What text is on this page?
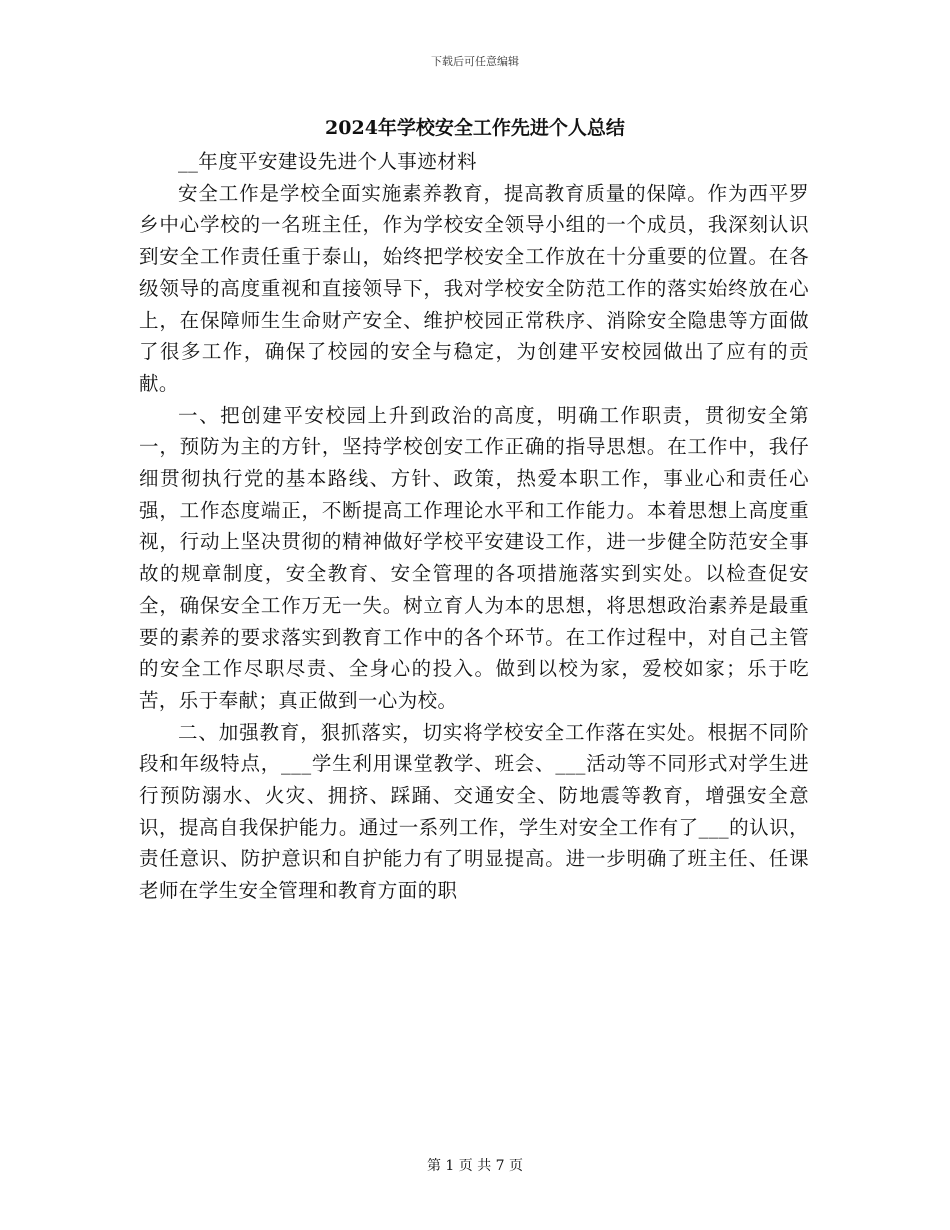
下载后可任意编辑
2024年学校安全工作先进个人总结

__年度平安建设先进个人事迹材料

安全工作是学校全面实施素养教育，提高教育质量的保障。作为西平罗乡中心学校的一名班主任，作为学校安全领导小组的一个成员，我深刻认识到安全工作责任重于泰山，始终把学校安全工作放在十分重要的位置。在各级领导的高度重视和直接领导下，我对学校安全防范工作的落实始终放在心上，在保障师生生命财产安全、维护校园正常秩序、消除安全隐患等方面做了很多工作，确保了校园的安全与稳定，为创建平安校园做出了应有的贡献。

一、把创建平安校园上升到政治的高度，明确工作职责，贯彻安全第一，预防为主的方针，坚持学校创安工作正确的指导思想。在工作中，我仔细贯彻执行党的基本路线、方针、政策，热爱本职工作，事业心和责任心强，工作态度端正，不断提高工作理论水平和工作能力。本着思想上高度重视，行动上坚决贯彻的精神做好学校平安建设工作，进一步健全防范安全事故的规章制度，安全教育、安全管理的各项措施落实到实处。以检查促安全，确保安全工作万无一失。树立育人为本的思想，将思想政治素养是最重要的素养的要求落实到教育工作中的各个环节。在工作过程中，对自己主管的安全工作尽职尽责、全身心的投入。做到以校为家，爱校如家；乐于吃苦，乐于奉献；真正做到一心为校。

二、加强教育，狠抓落实，切实将学校安全工作落在实处。根据不同阶段和年级特点，___学生利用课堂教学、班会、___活动等不同形式对学生进行预防溺水、火灾、拥挤、踩踊、交通安全、防地震等教育，增强安全意识，提高自我保护能力。通过一系列工作，学生对安全工作有了___的认识，责任意识、防护意识和自护能力有了明显提高。进一步明确了班主任、任课老师在学生安全管理和教育方面的职

第 1 页 共 7 页
